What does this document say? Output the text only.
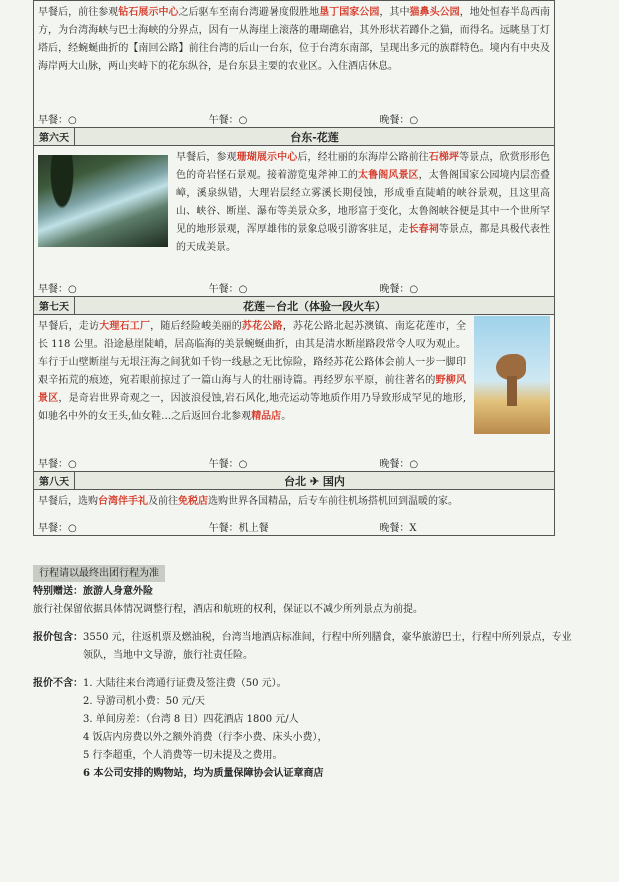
早餐后，前往参观钻石展示中心之后驱车至南台湾避暑度假胜地垦丁国家公园，其中猫鼻头公园，地处恒春半岛西南方，为台湾海峡与巴士海峡的分界点，因有一从海崖上滚落的珊瑚礁岩，其外形状若蹲仆之猫，而得名。远眺垦丁灯塔后，经蜿蜒曲折的【南回公路】前往台湾的后山一台东，位于台湾东南部，呈现出多元的族群特色。境内有中央及海岸两大山脉，两山夹峙下的花东纵谷，是台东县主要的农业区。入住酒店休息。
早餐：○ 午餐：○ 晚餐：○	

第六天	台东-花莲

早餐后，参观珊瑚展示中心后，经壮丽的东海岸公路前往石梯坪等景点，欣赏形形色色的奇岩怪石景观。接着游览鬼斧神工的太鲁阁风景区，太鲁阁国家公园境内层峦叠嶂，溪泉纵错，大理岩层经立雾溪长期侵蚀，形成垂直陡峭的峡谷景观，且这里高山、峡谷、断崖、瀑布等美景众多，地形富于变化，太鲁阁峡谷便是其中一个世所罕见的地形景观，浑厚雄伟的景象总吸引游客驻足，走长春祠等景点，都是具极代表性的天成美景。
早餐：○ 午餐：○ 晚餐：○	

第七天	花莲－台北（体验一段火车）

早餐后，走访大理石工厂，随后经险峻美丽的苏花公路，苏花公路北起苏澳镇、南迄花莲市，全长 118 公里。沿途悬崖陡峭，居高临海的美景蜿蜒曲折，由其是清水断崖路段常令人叹为观止。车行于山壁断崖与无垠汪海之间犹如千钧一线悬之无比惊险，路经苏花公路体会前人一步一脚印艰辛拓荒的痕迹，宛若眼前掠过了一篇山海与人的壮丽诗篇。再经罗东平原，前往著名的野柳风景区，是奇岩世界奇观之一，因波浪侵蚀,岩石风化,地壳运动等地质作用乃导致形成罕见的地形,如驰名中外的女王头,仙女鞋…之后返回台北参观精品店。
早餐：○ 午餐：○ 晚餐：○	

第八天	台北 ✈ 国内

早餐后，选购台湾伴手礼及前往免税店选购世界各国精品，后专车前往机场搭机回到温暖的家。
早餐：○ 午餐：机上餐 晚餐：X	
行程请以最终出团行程为准
特别赠送：旅游人身意外险
旅行社保留依据具体情况调整行程，酒店和航班的权利，保证以不减少所列景点为前提。
报价包含： 3550 元，往返机票及燃油税，台湾当地酒店标准间，行程中所列膳食，豪华旅游巴士，行程中所列景点，专业领队，当地中文导游，旅行社责任险。
报价不含： 1. 大陆往来台湾通行证费及签注费（50 元）。
2. 导游司机小费：50 元/天
3. 单间房差：（台湾 8 日）四花酒店 1800 元/人
4 饭店内房费以外之额外消费（行李小费、床头小费），
5 行李超重，个人消费等一切未提及之费用。
6 本公司安排的购物站，均为质量保障协会认证章商店
